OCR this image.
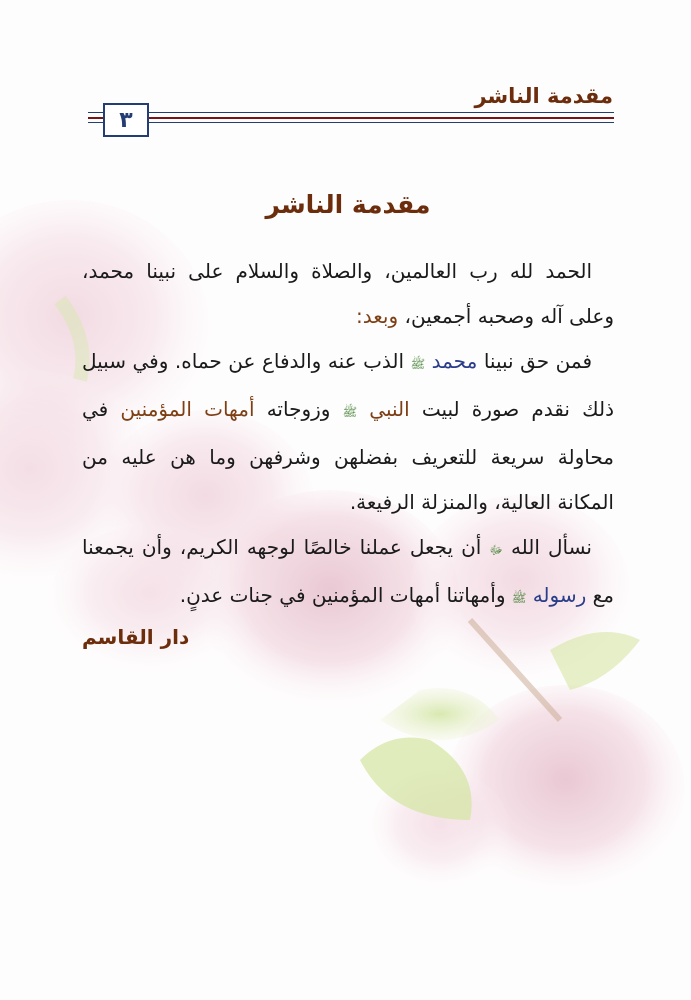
مقدمة الناشر
٣
مقدمة الناشر

الحمد لله رب العالمين، والصلاة والسلام على نبينا محمد، وعلى آله وصحبه أجمعين، وبعد:

فمن حق نبينا محمد ﷺ الذب عنه والدفاع عن حماه. وفي سبيل ذلك نقدم صورة لبيت النبي ﷺ وزوجاته أمهات المؤمنين في محاولة سريعة للتعريف بفضلهن وشرفهن وما هن عليه من المكانة العالية، والمنزلة الرفيعة.

نسأل الله ﷻ أن يجعل عملنا خالصًا لوجهه الكريم، وأن يجمعنا مع رسوله ﷺ وأمهاتنا أمهات المؤمنين في جنات عدنٍ.

دار القاسم
